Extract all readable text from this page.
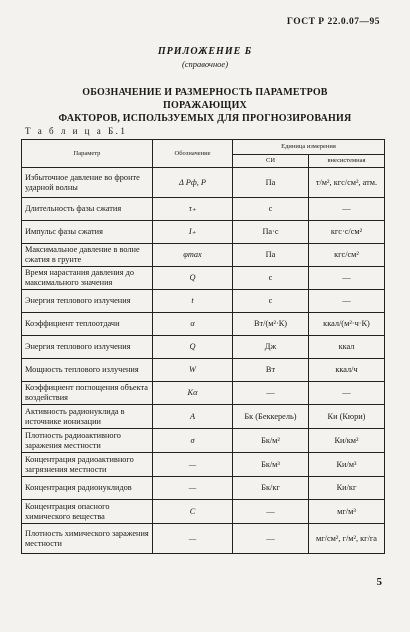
ГОСТ Р 22.0.07—95
ПРИЛОЖЕНИЕ Б
(справочное)
ОБОЗНАЧЕНИЕ И РАЗМЕРНОСТЬ ПАРАМЕТРОВ ПОРАЖАЮЩИХ
ФАКТОРОВ, ИСПОЛЬЗУЕМЫХ ДЛЯ ПРОГНОЗИРОВАНИЯ
Т а б л и ц а Б.1
Параметр	Обозначение	Единица измерения	
		СИ	внесистемная
Избыточное давление во фронте ударной волны	Δ Pф, P	Па	т/м², кгс/см², атм.
Длительность фазы сжатия	τ₊	с	—
Импульс фазы сжатия	I₊	Па·с	кгс·с/см²
Максимальное давление в волне сжатия в грунте	φmax	Па	кгс/см²
Время нарастания давления до максимального значения	Q	с	—
Энергия теплового излучения	t	с	—
Коэффициент теплоотдачи	α	Вт/(м²·К)	ккал/(м²·ч·К)
Энергия теплового излучения	Q	Дж	ккал
Мощность теплового излучения	W	Вт	ккал/ч
Коэффициент поглощения объекта воздействия	Kα	—	—
Активность радионуклида в источнике ионизации	A	Бк (Беккерель)	Ки (Кюри)
Плотность радиоактивного заражения местности	σ	Бк/м²	Ки/км²
Концентрация радиоактивного загрязнения местности	—	Бк/м³	Ки/м³
Концентрация радионуклидов	—	Бк/кг	Ки/кг
Концентрация опасного химического вещества	C	—	мг/м³
Плотность химического заражения местности	—	—	мг/см², г/м², кг/га
5
